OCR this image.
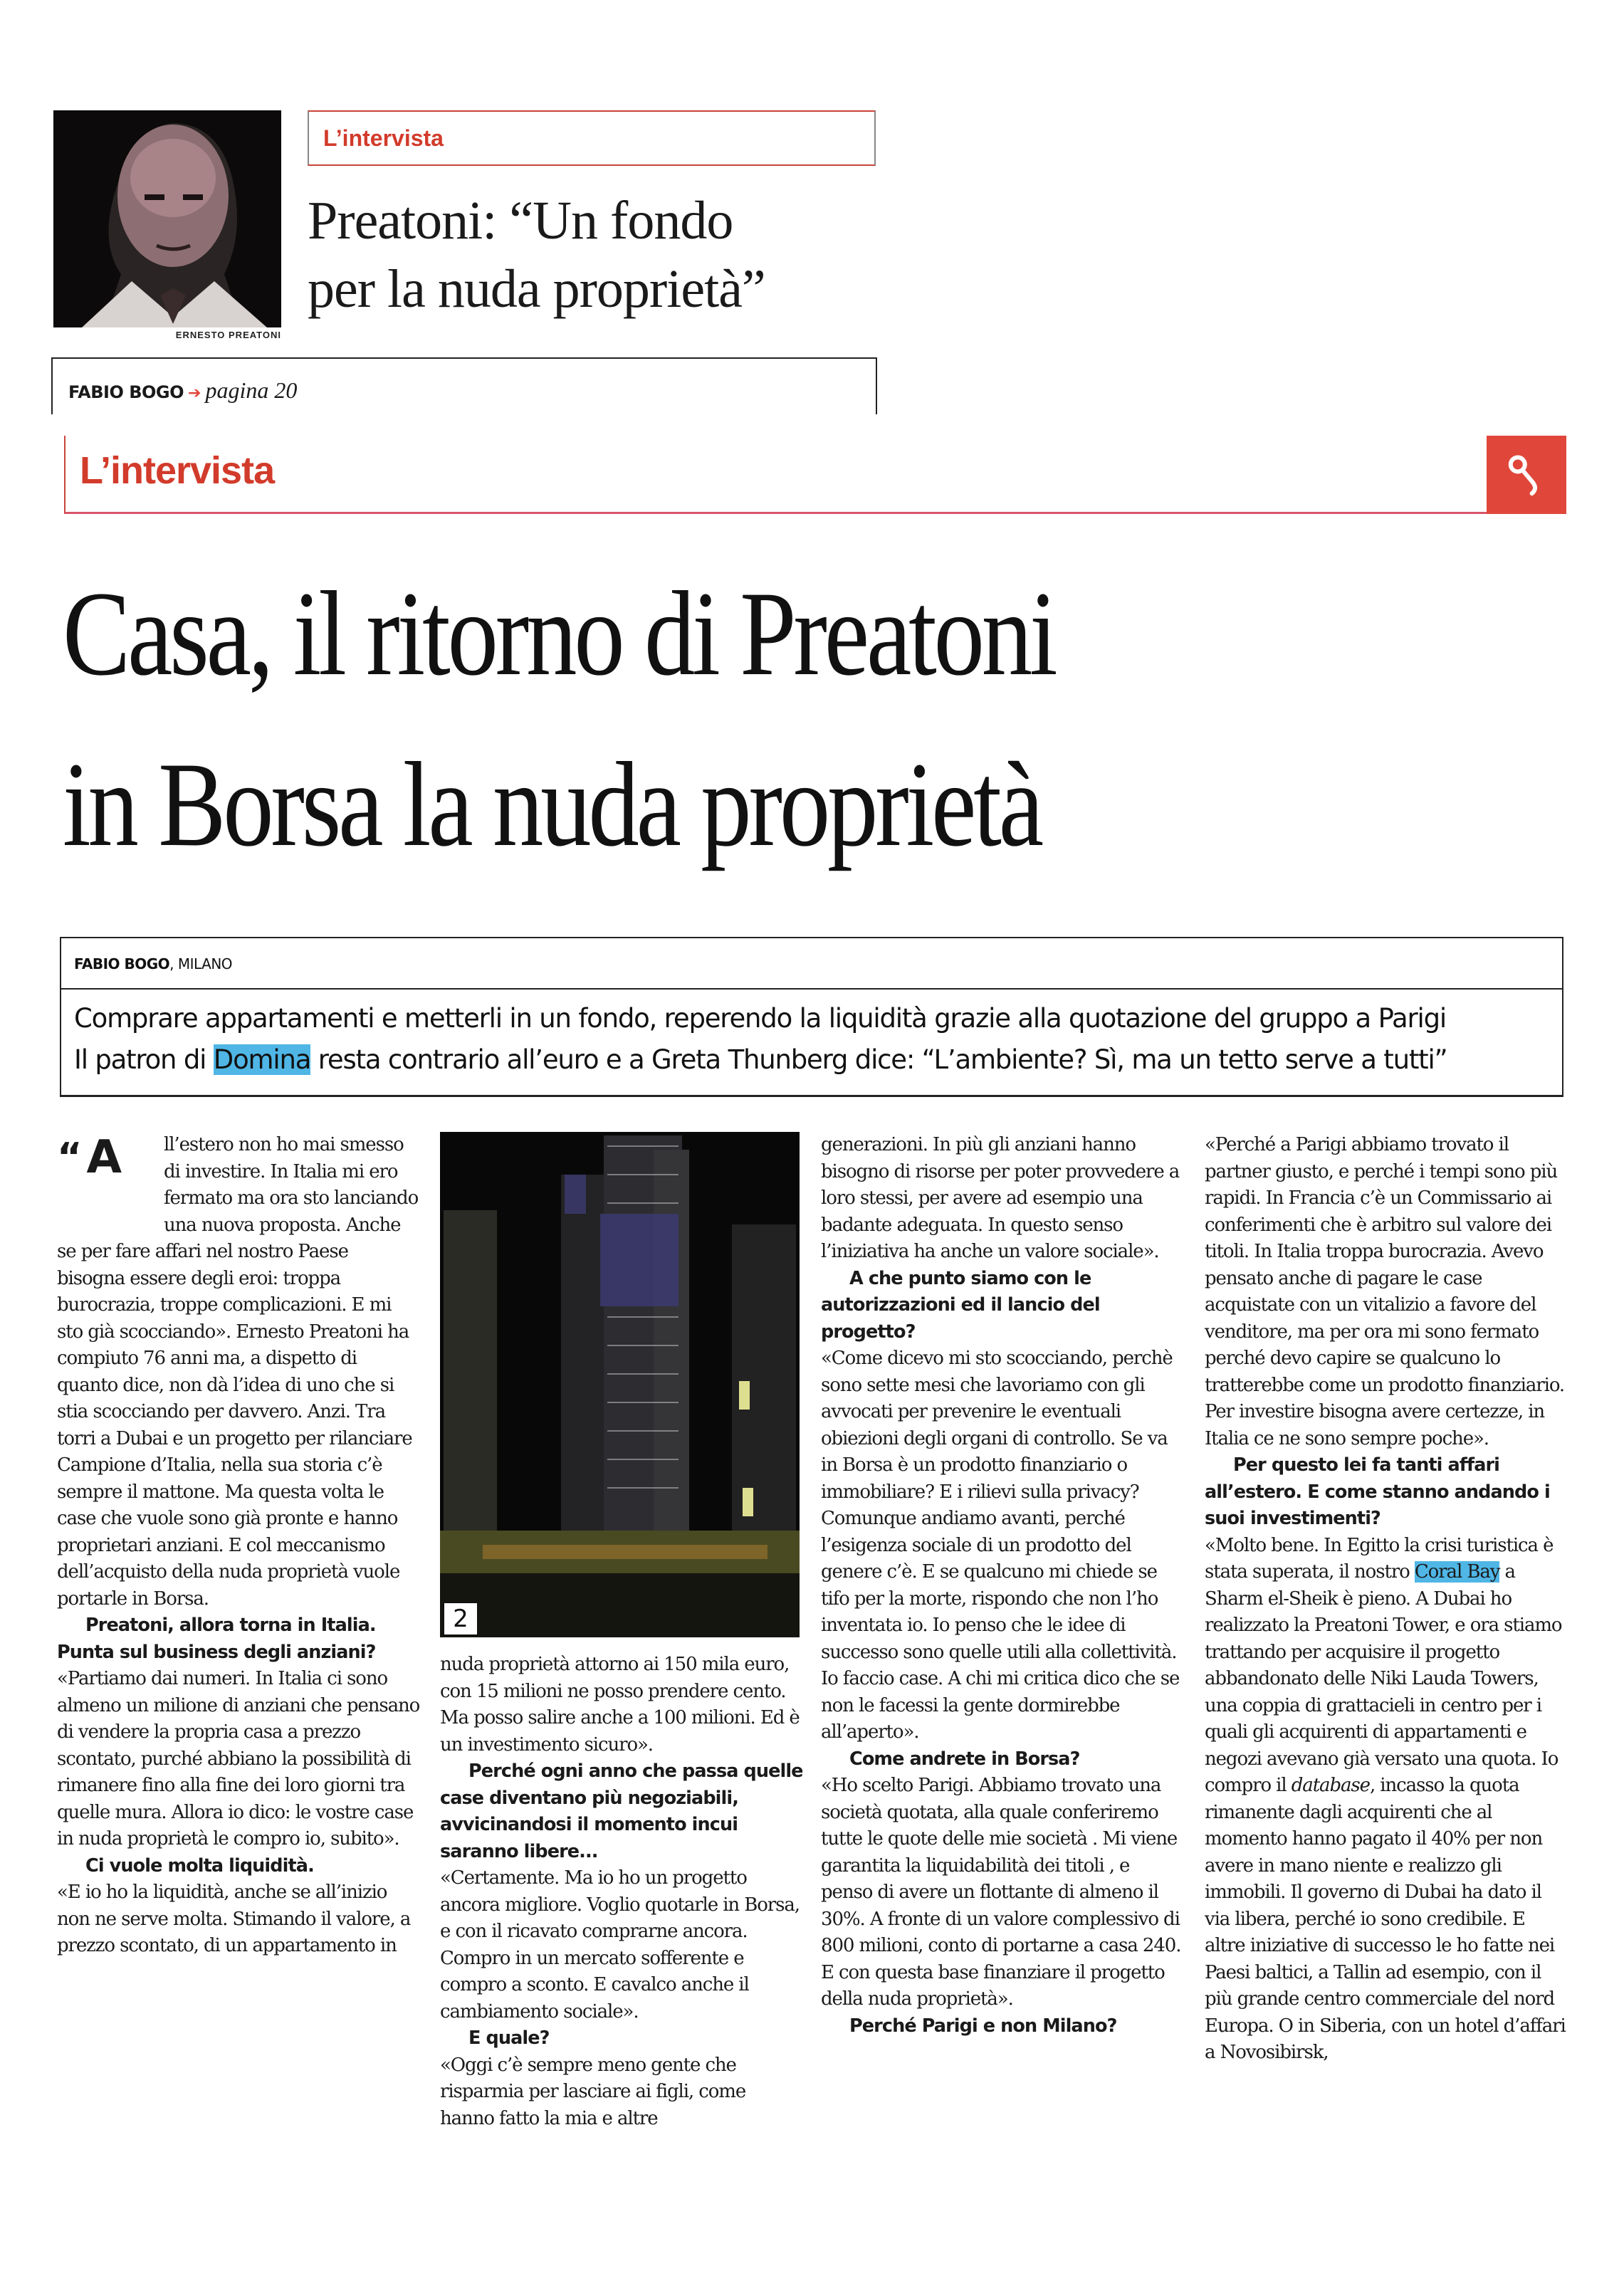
ERNESTO PREATONI
L’intervista
Preatoni: “Un fondo
per la nuda proprietà”
FABIO BOGO ➔ pagina 20
L’intervista
Casa, il ritorno di Preatoni
in Borsa la nuda proprietà
FABIO BOGO, MILANO
Comprare appartamenti e metterli in un fondo, reperendo la liquidità grazie alla quotazione del gruppo a Parigi
Il patron di Domina resta contrario all’euro e a Greta Thunberg dice: “L’ambiente? Sì, ma un tetto serve a tutti”

“A	ll’estero non ho mai smesso di investire. In Italia mi ero fermato ma ora sto lanciando una nuova proposta. Anche se per fare affari nel nostro Paese bisogna essere degli eroi: troppa burocrazia, troppe complicazioni. E mi sto già scocciando». Ernesto Preatoni ha compiuto 76 anni ma, a dispetto di quanto dice, non dà l’idea di uno che si stia scocciando per davvero. Anzi. Tra torri a Dubai e un progetto per rilanciare Campione d’Italia, nella sua storia c’è sempre il mattone. Ma questa volta le case che vuole sono già pronte e hanno proprietari anziani. E col meccanismo dell’acquisto della nuda proprietà vuole portarle in Borsa.

Preatoni, allora torna in Italia. Punta sul business degli anziani?

«Partiamo dai numeri. In Italia ci sono almeno un milione di anziani che pensano di vendere la propria casa a prezzo scontato, purché abbiano la possibilità di rimanere fino alla fine dei loro giorni tra quelle mura. Allora io dico: le vostre case in nuda proprietà le compro io, subito».

Ci vuole molta liquidità.

«E io ho la liquidità, anche se all’inizio non ne serve molta. Stimando il valore, a prezzo scontato, di un appartamento in

2

nuda proprietà attorno ai 150 mila euro, con 15 milioni ne posso prendere cento. Ma posso salire anche a 100 milioni. Ed è un investimento sicuro».

Perché ogni anno che passa quelle case diventano più negoziabili, avvicinandosi il momento incui saranno libere...

«Certamente. Ma io ho un progetto ancora migliore. Voglio quotarle in Borsa, e con il ricavato comprarne ancora. Compro in un mercato sofferente e compro a sconto. E cavalco anche il cambiamento sociale».

E quale?

«Oggi c’è sempre meno gente che risparmia per lasciare ai figli, come hanno fatto la mia e altre

generazioni. In più gli anziani hanno bisogno di risorse per poter provvedere a loro stessi, per avere ad esempio una badante adeguata. In questo senso l’iniziativa ha anche un valore sociale».

A che punto siamo con le autorizzazioni ed il lancio del progetto?

«Come dicevo mi sto scocciando, perchè sono sette mesi che lavoriamo con gli avvocati per prevenire le eventuali obiezioni degli organi di controllo. Se va in Borsa è un prodotto finanziario o immobiliare? E i rilievi sulla privacy? Comunque andiamo avanti, perché l’esigenza sociale di un prodotto del genere c’è. E se qualcuno mi chiede se tifo per la morte, rispondo che non l’ho inventata io. Io penso che le idee di successo sono quelle utili alla collettività. Io faccio case. A chi mi critica dico che se non le facessi la gente dormirebbe all’aperto».

Come andrete in Borsa?

«Ho scelto Parigi. Abbiamo trovato una società quotata, alla quale conferiremo tutte le quote delle mie società . Mi viene garantita la liquidabilità dei titoli , e penso di avere un flottante di almeno il 30%. A fronte di un valore complessivo di 800 milioni, conto di portarne a casa 240. E con questa base finanziare il progetto della nuda proprietà».

Perché Parigi e non Milano?

«Perché a Parigi abbiamo trovato il partner giusto, e perché i tempi sono più rapidi. In Francia c’è un Commissario ai conferimenti che è arbitro sul valore dei titoli. In Italia troppa burocrazia. Avevo pensato anche di pagare le case acquistate con un vitalizio a favore del venditore, ma per ora mi sono fermato perché devo capire se qualcuno lo tratterebbe come un prodotto finanziario. Per investire bisogna avere certezze, in Italia ce ne sono sempre poche».

Per questo lei fa tanti affari all’estero. E come stanno andando i suoi investimenti?

«Molto bene. In Egitto la crisi turistica è stata superata, il nostro Coral Bay a Sharm el-Sheik è pieno. A Dubai ho realizzato la Preatoni Tower, e ora stiamo trattando per acquisire il progetto abbandonato delle Niki Lauda Towers, una coppia di grattacieli in centro per i quali gli acquirenti di appartamenti e negozi avevano già versato una quota. Io compro il database, incasso la quota rimanente dagli acquirenti che al momento hanno pagato il 40% per non avere in mano niente e realizzo gli immobili. Il governo di Dubai ha dato il via libera, perché io sono credibile. E altre iniziative di successo le ho fatte nei Paesi baltici, a Tallin ad esempio, con il più grande centro commerciale del nord Europa. O in Siberia, con un hotel d’affari a Novosibirsk,
